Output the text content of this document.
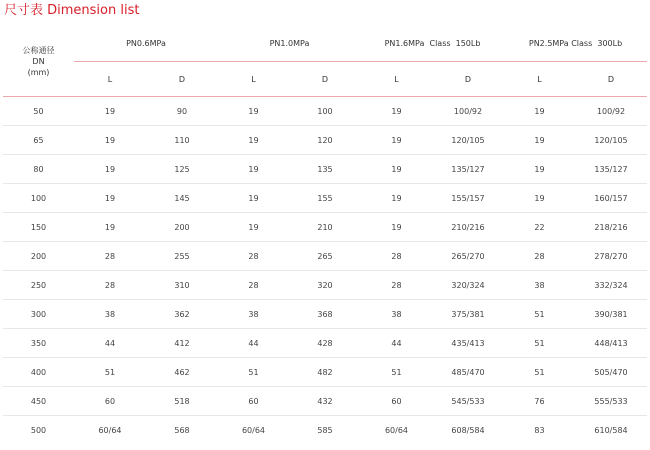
尺寸表 Dimension list
公称通径
DN
(mm)	PN0.6MPa		PN1.0MPa		PN1.6MPa  Class  150Lb		PN2.5MPa Class  300Lb	
	L	D	L	D	L	D	L	D
50	19	90	19	100	19	100/92	19	100/92
65	19	110	19	120	19	120/105	19	120/105
80	19	125	19	135	19	135/127	19	135/127
100	19	145	19	155	19	155/157	19	160/157
150	19	200	19	210	19	210/216	22	218/216
200	28	255	28	265	28	265/270	28	278/270
250	28	310	28	320	28	320/324	38	332/324
300	38	362	38	368	38	375/381	51	390/381
350	44	412	44	428	44	435/413	51	448/413
400	51	462	51	482	51	485/470	51	505/470
450	60	518	60	432	60	545/533	76	555/533
500	60/64	568	60/64	585	60/64	608/584	83	610/584
